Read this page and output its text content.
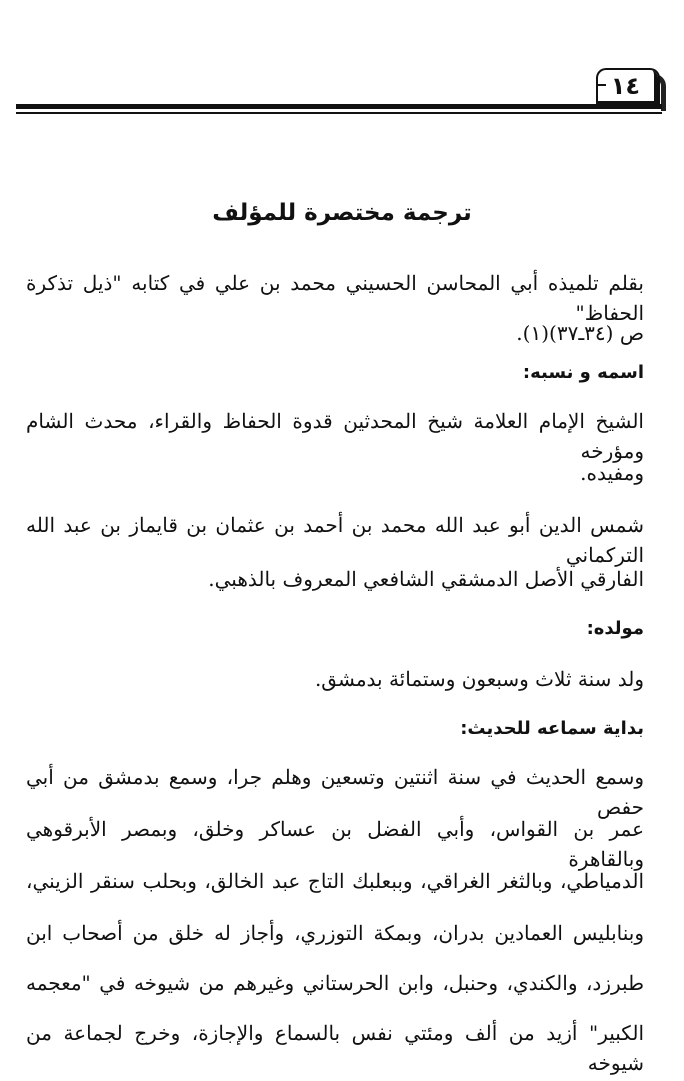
١٤
ترجمة مختصرة للمؤلف
بقلم تلميذه أبي المحاسن الحسيني محمد بن علي في كتابه "ذيل تذكرة الحفاظ"
ص (٣٤ـ٣٧)(١).
اسمه و نسبه:
الشيخ الإمام العلامة شيخ المحدثين قدوة الحفاظ والقراء، محدث الشام ومؤرخه
ومفيده.
شمس الدين أبو عبد الله محمد بن أحمد بن عثمان بن قايماز بن عبد الله التركماني
الفارقي الأصل الدمشقي الشافعي المعروف بالذهبي.
مولده:
ولد سنة ثلاث وسبعون وستمائة بدمشق.
بداية سماعه للحديث:
وسمع الحديث في سنة اثنتين وتسعين وهلم جرا، وسمع بدمشق من أبي حفص
عمر بن القواس، وأبي الفضل بن عساكر وخلق، وبمصر الأبرقوهي وبالقاهرة
الدمياطي، وبالثغر الغراقي، وببعلبك التاج عبد الخالق، وبحلب سنقر الزيني،
وبنابليس العمادين بدران، وبمكة التوزري، وأجاز له خلق من أصحاب ابن
طبرزد، والكندي، وحنبل، وابن الحرستاني وغيرهم من شيوخه في "معجمه
الكبير" أزيد من ألف ومئتي نفس بالسماع والإجازة، وخرج لجماعة من شيوخه
